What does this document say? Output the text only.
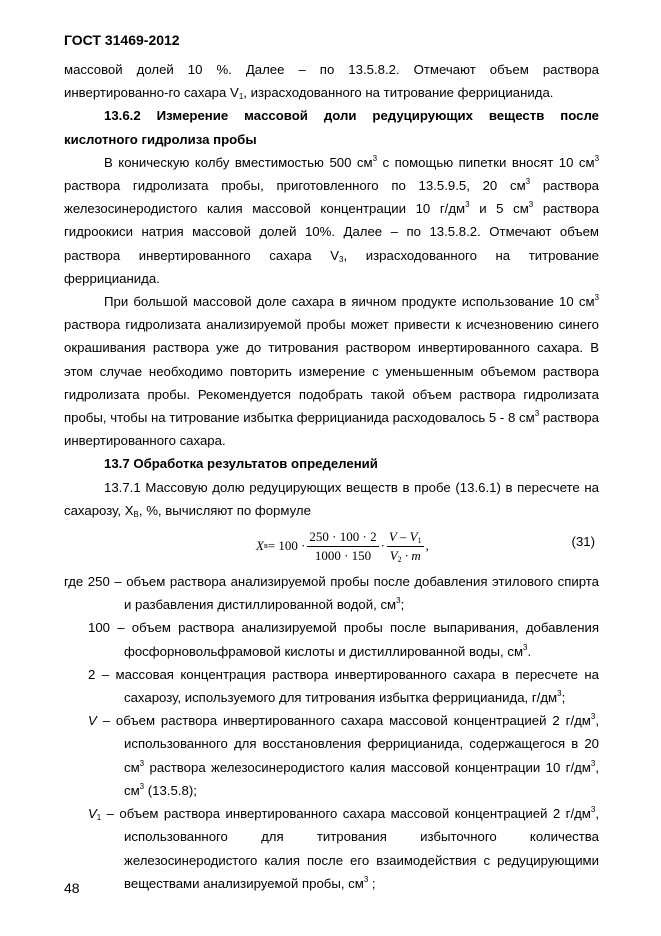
ГОСТ 31469-2012

массовой долей 10 %. Далее – по 13.5.8.2. Отмечают объем раствора инвертированно-го сахара $V_1$, израсходованного на титрование феррицианида.

13.6.2 Измерение массовой доли редуцирующих веществ после кислотного гидролиза пробы

В коническую колбу вместимостью 500 $см^3$ с помощью пипетки вносят 10 $см^3$ раствора гидролизата пробы, приготовленного по 13.5.9.5, 20 $см^3$ раствора железосинеродистого калия массовой концентрации 10 $г/дм^3$ и 5 $см^3$ раствора гидроокиси натрия массовой долей 10%. Далее – по 13.5.8.2. Отмечают объем раствора инвертированного сахара $V_3$, израсходованного на титрование феррицианида.

При большой массовой доле сахара в яичном продукте использование 10 $см^3$ раствора гидролизата анализируемой пробы может привести к исчезновению синего окрашивания раствора уже до титрования раствором инвертированного сахара. В этом случае необходимо повторить измерение с уменьшенным объемом раствора гидролизата пробы. Рекомендуется подобрать такой объем раствора гидролизата пробы, чтобы на титрование избытка феррицианида расходовалось 5 - 8 $см^3$ раствора инвертированного сахара.

13.7 Обработка результатов определений

13.7.1 Массовую долю редуцирующих веществ в пробе (13.6.1) в пересчете на сахарозу, $X_В$, %, вычисляют по формуле

X $в = 100 \cdot \frac{250 \cdot 100 \cdot 2}{1000 \cdot 150} \cdot \frac{V - V_1}{V_2 \cdot m}$ ,	(31)

где 250 – объем раствора анализируемой пробы после добавления этилового спирта и разбавления дистиллированной водой, $см^3$;

100 – объем раствора анализируемой пробы после выпаривания, добавления фосфорновольфрамовой кислоты и дистиллированной воды, $см^3$.

2 – массовая концентрация раствора инвертированного сахара в пересчете на сахарозу, используемого для титрования избытка феррицианида, $г/дм^3$;

V – объем раствора инвертированного сахара массовой концентрацией 2 $г/дм^3$, использованного для восстановления феррицианида, содержащегося в 20 $см^3$ раствора железосинеродистого калия массовой концентрации 10 $г/дм^3$, $см^3$ (13.5.8);

$V_1$ – объем раствора инвертированного сахара массовой концентрацией 2 $г/дм^3$, использованного для титрования избыточного количества железосинеродистого калия после его взаимодействия с редуцирующими веществами анализируемой пробы, $см^3$ ;

48
